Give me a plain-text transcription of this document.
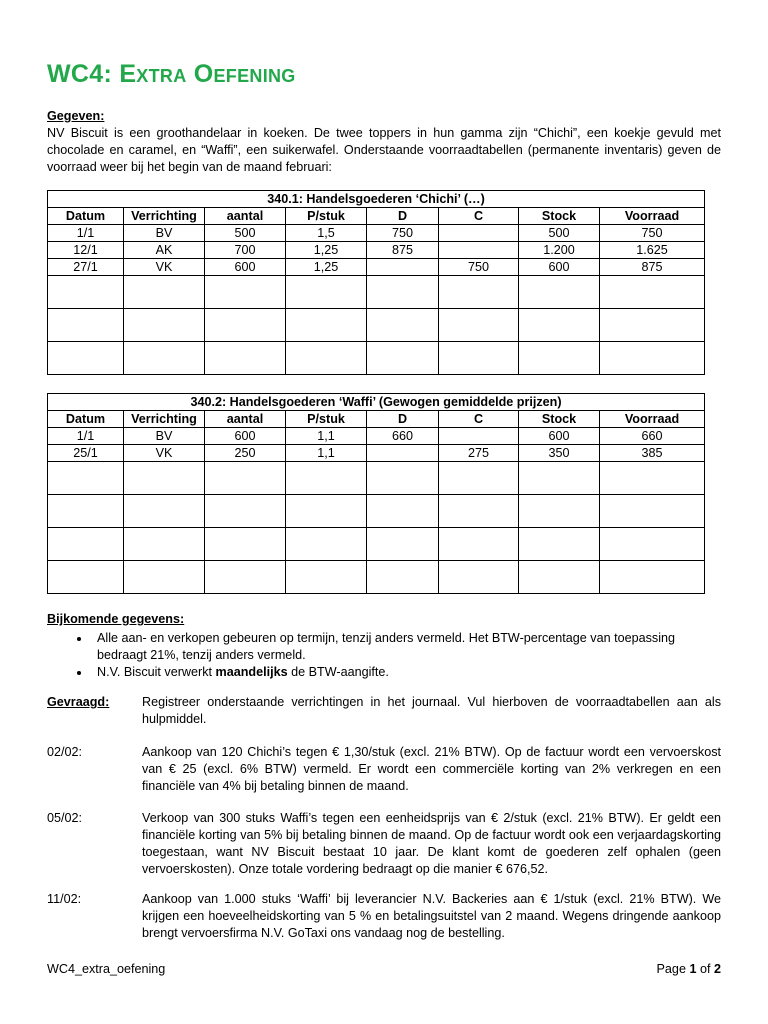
WC4: Extra Oefening
Gegeven:

NV Biscuit is een groothandelaar in koeken. De twee toppers in hun gamma zijn “Chichi”, een koekje gevuld met chocolade en caramel, en “Waffi”, een suikerwafel. Onderstaande voorraadtabellen (permanente inventaris) geven de voorraad weer bij het begin van de maand februari:

340.1: Handelsgoederen ‘Chichi’ (…)							
Datum	Verrichting	aantal	P/stuk	D	C	Stock	Voorraad
1/1	BV	500	1,5	750		500	750
12/1	AK	700	1,25	875		1.200	1.625
27/1	VK	600	1,25		750	600	875

340.2: Handelsgoederen ‘Waffi’ (Gewogen gemiddelde prijzen)							
Datum	Verrichting	aantal	P/stuk	D	C	Stock	Voorraad
1/1	BV	600	1,1	660		600	660
25/1	VK	250	1,1		275	350	385

Bijkomende gegevens:
• Alle aan- en verkopen gebeuren op termijn, tenzij anders vermeld. Het BTW-percentage van toepassing bedraagt 21%, tenzij anders vermeld.
• N.V. Biscuit verwerkt maandelijks de BTW-aangifte.
Gevraagd:	Registreer onderstaande verrichtingen in het journaal. Vul hierboven de voorraadtabellen aan als hulpmiddel.
02/02:	Aankoop van 120 Chichi’s tegen € 1,30/stuk (excl. 21% BTW). Op de factuur wordt een vervoerskost van € 25 (excl. 6% BTW) vermeld. Er wordt een commerciële korting van 2% verkregen en een financiële van 4% bij betaling binnen de maand.
05/02:	Verkoop van 300 stuks Waffi’s tegen een eenheidsprijs van € 2/stuk (excl. 21% BTW). Er geldt een financiële korting van 5% bij betaling binnen de maand. Op de factuur wordt ook een verjaardagskorting toegestaan, want NV Biscuit bestaat 10 jaar. De klant komt de goederen zelf ophalen (geen vervoerskosten). Onze totale vordering bedraagt op die manier € 676,52.
11/02:	Aankoop van 1.000 stuks ‘Waffi’ bij leverancier N.V. Backeries aan € 1/stuk (excl. 21% BTW). We krijgen een hoeveelheidskorting van 5 % en betalingsuitstel van 2 maand. Wegens dringende aankoop brengt vervoersfirma N.V. GoTaxi ons vandaag nog de bestelling.
WC4_extra_oefening	Page 1 of 2
